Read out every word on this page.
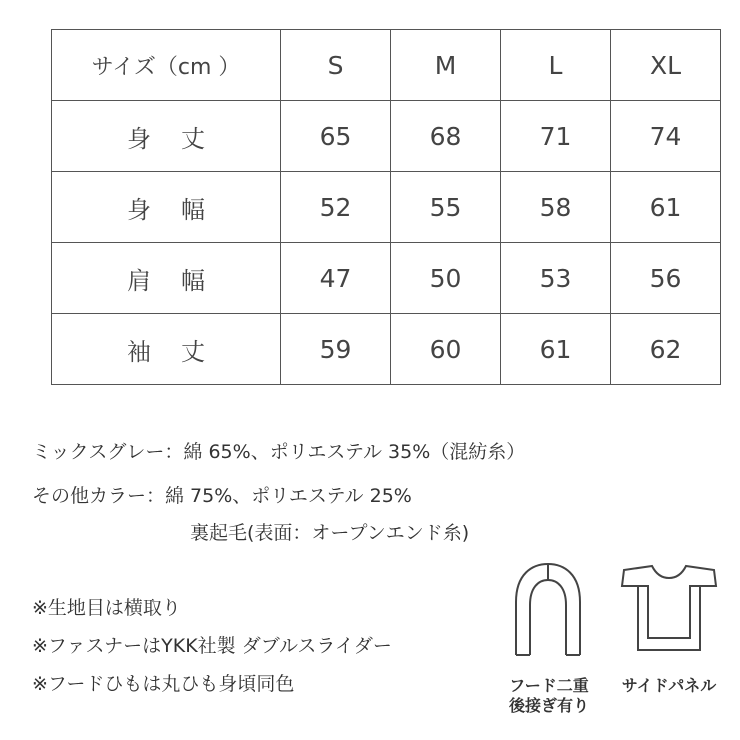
サイズ（cm ）	S	M	L	XL
身丈	65	68	71	74
身幅	52	55	58	61
肩幅	47	50	53	56
袖丈	59	60	61	62
ミックスグレー：綿 65%、ポリエステル 35%（混紡糸）
その他カラー：綿 75%、ポリエステル 25%
裏起毛(表面：オープンエンド糸)
※生地目は横取り
※ファスナーはYKK社製 ダブルスライダー
※フードひもは丸ひも身頃同色	フード二重
後接ぎ有り
サイドパネル
